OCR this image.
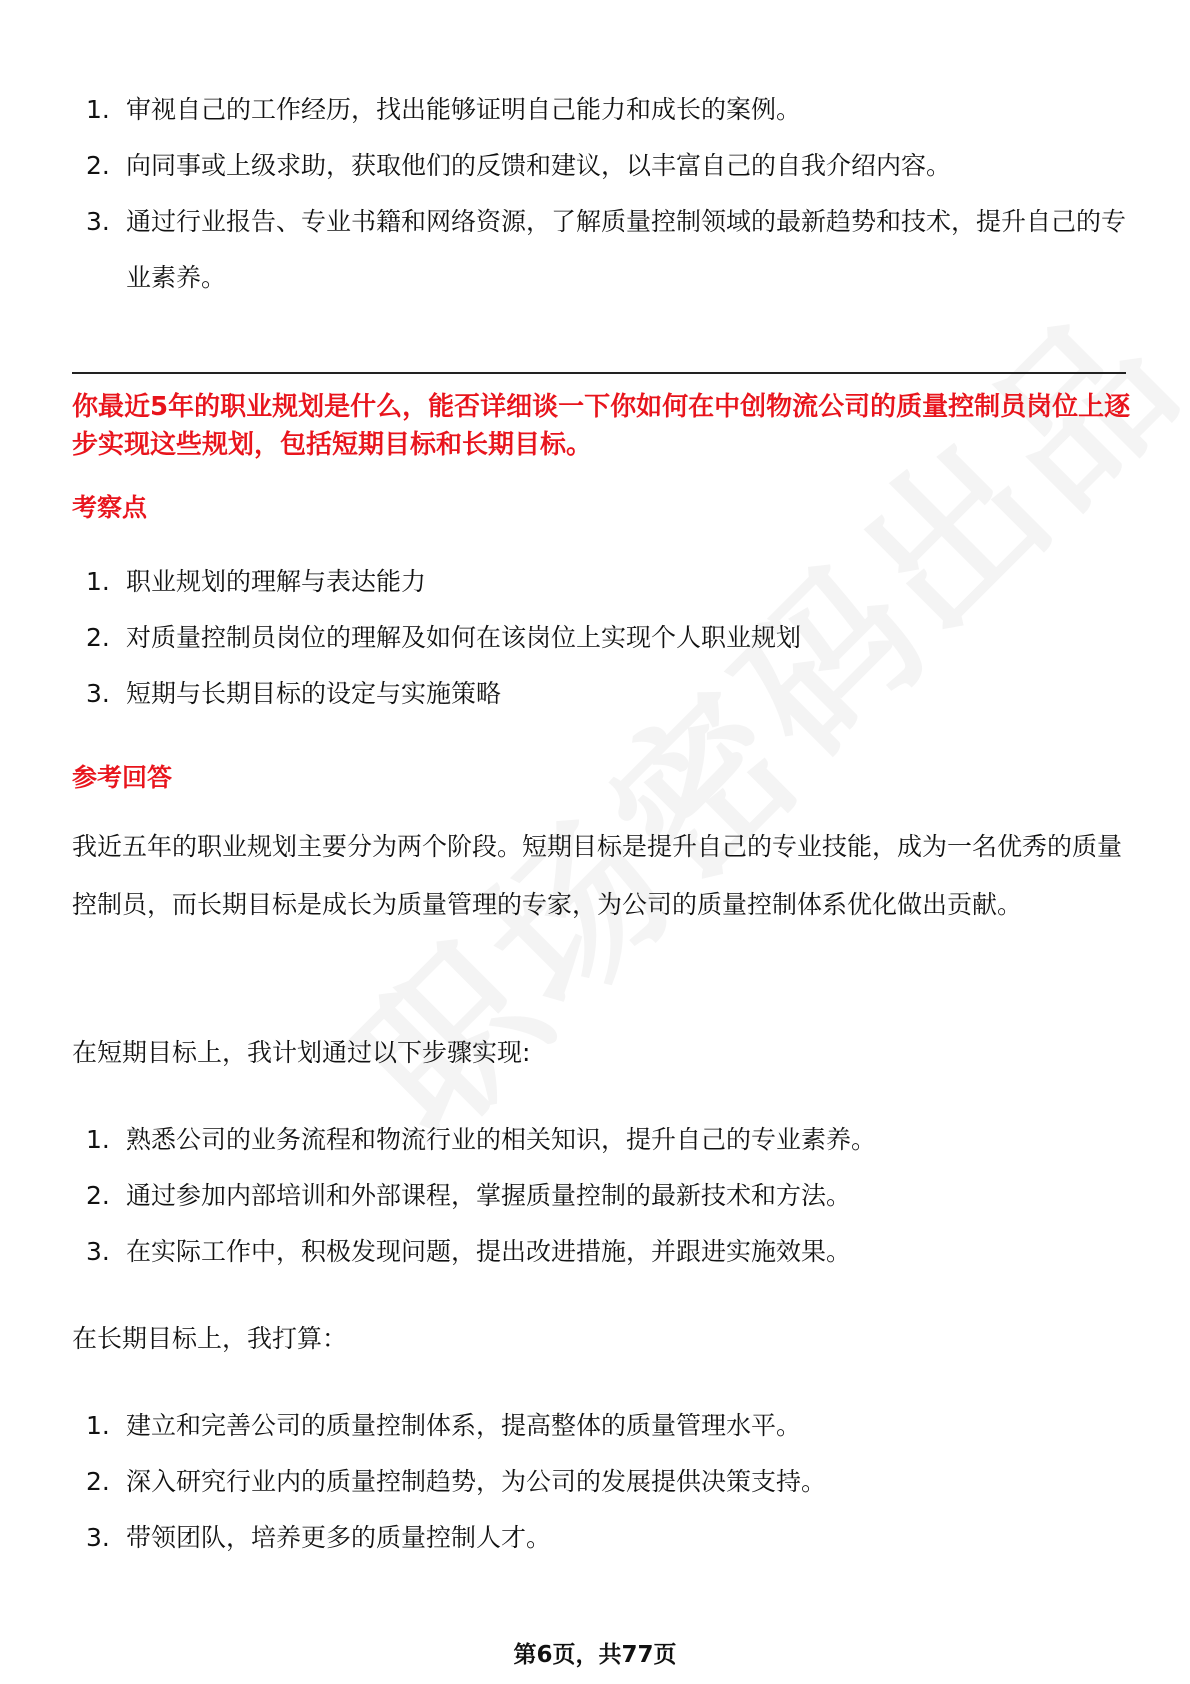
1. 审视自己的工作经历，找出能够证明自己能力和成长的案例。
2. 向同事或上级求助，获取他们的反馈和建议，以丰富自己的自我介绍内容。
3. 通过行业报告、专业书籍和网络资源，了解质量控制领域的最新趋势和技术，提升自己的专业素养。
你最近5年的职业规划是什么，能否详细谈一下你如何在中创物流公司的质量控制员岗位上逐步实现这些规划，包括短期目标和长期目标。
考察点
1. 职业规划的理解与表达能力
2. 对质量控制员岗位的理解及如何在该岗位上实现个人职业规划
3. 短期与长期目标的设定与实施策略
参考回答
我近五年的职业规划主要分为两个阶段。短期目标是提升自己的专业技能，成为一名优秀的质量控制员，而长期目标是成长为质量管理的专家，为公司的质量控制体系优化做出贡献。
在短期目标上，我计划通过以下步骤实现:
1. 熟悉公司的业务流程和物流行业的相关知识，提升自己的专业素养。
2. 通过参加内部培训和外部课程，掌握质量控制的最新技术和方法。
3. 在实际工作中，积极发现问题，提出改进措施，并跟进实施效果。
在长期目标上，我打算：
1. 建立和完善公司的质量控制体系，提高整体的质量管理水平。
2. 深入研究行业内的质量控制趋势，为公司的发展提供决策支持。
3. 带领团队，培养更多的质量控制人才。
第6页，共77页
